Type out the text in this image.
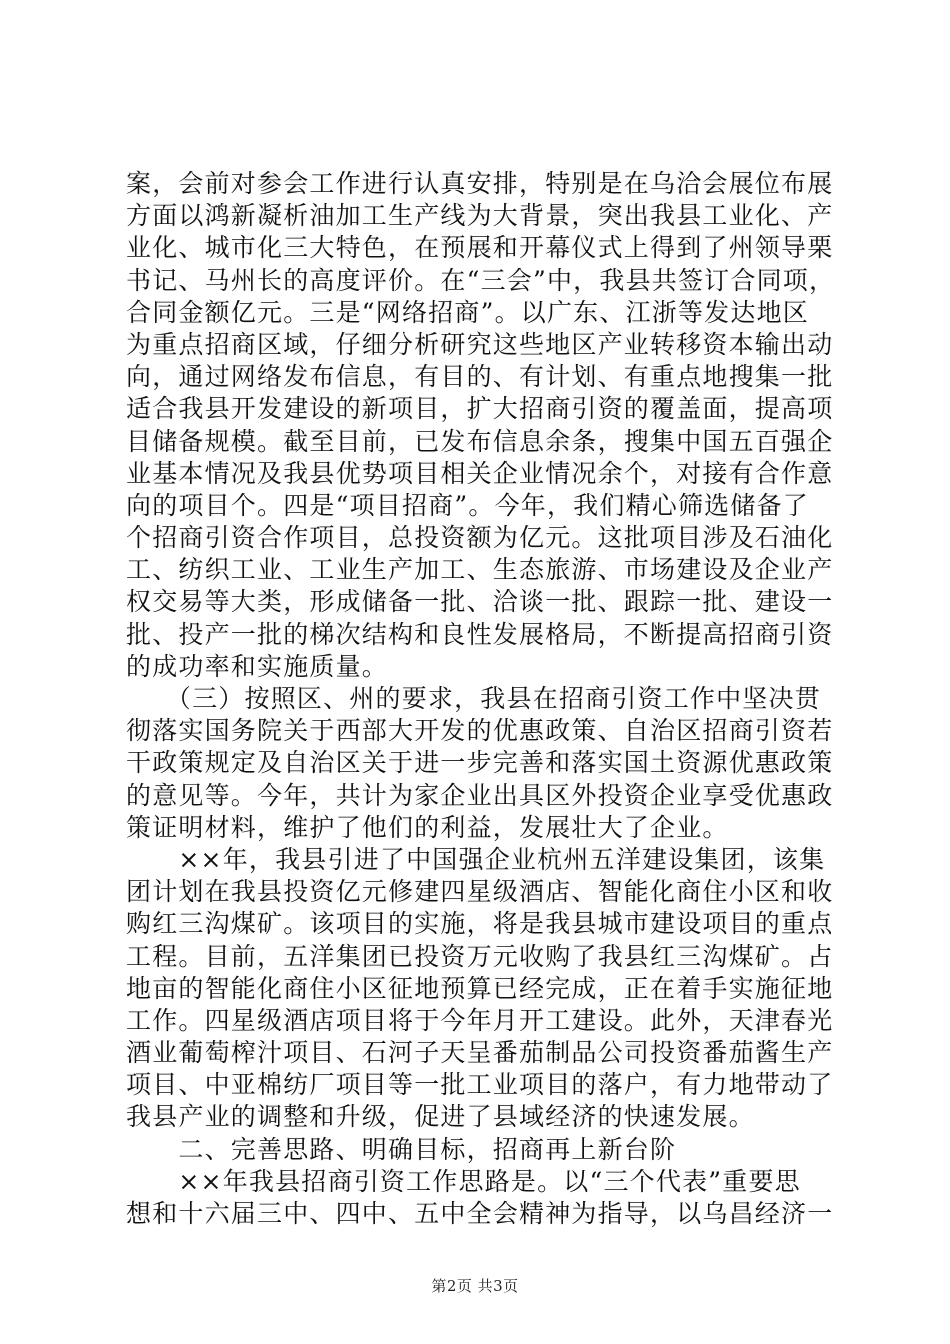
案，会前对参会工作进行认真安排，特别是在乌洽会展位布展
方面以鸿新凝析油加工生产线为大背景，突出我县工业化、产
业化、城市化三大特色，在预展和开幕仪式上得到了州领导栗
书记、马州长的高度评价。在“三会”中，我县共签订合同项，
合同金额亿元。三是“网络招商”。以广东、江浙等发达地区
为重点招商区域，仔细分析研究这些地区产业转移资本输出动
向，通过网络发布信息，有目的、有计划、有重点地搜集一批
适合我县开发建设的新项目，扩大招商引资的覆盖面，提高项
目储备规模。截至目前，已发布信息余条，搜集中国五百强企
业基本情况及我县优势项目相关企业情况余个，对接有合作意
向的项目个。四是“项目招商”。今年，我们精心筛选储备了
个招商引资合作项目，总投资额为亿元。这批项目涉及石油化
工、纺织工业、工业生产加工、生态旅游、市场建设及企业产
权交易等大类，形成储备一批、洽谈一批、跟踪一批、建设一
批、投产一批的梯次结构和良性发展格局，不断提高招商引资
的成功率和实施质量。
　　（三）按照区、州的要求，我县在招商引资工作中坚决贯
彻落实国务院关于西部大开发的优惠政策、自治区招商引资若
干政策规定及自治区关于进一步完善和落实国土资源优惠政策
的意见等。今年，共计为家企业出具区外投资企业享受优惠政
策证明材料，维护了他们的利益，发展壮大了企业。
　　××年，我县引进了中国强企业杭州五洋建设集团，该集
团计划在我县投资亿元修建四星级酒店、智能化商住小区和收
购红三沟煤矿。该项目的实施，将是我县城市建设项目的重点
工程。目前，五洋集团已投资万元收购了我县红三沟煤矿。占
地亩的智能化商住小区征地预算已经完成，正在着手实施征地
工作。四星级酒店项目将于今年月开工建设。此外，天津春光
酒业葡萄榨汁项目、石河子天呈番茄制品公司投资番茄酱生产
项目、中亚棉纺厂项目等一批工业项目的落户，有力地带动了
我县产业的调整和升级，促进了县域经济的快速发展。
　　二、完善思路、明确目标，招商再上新台阶
　　××年我县招商引资工作思路是。以“三个代表”重要思
想和十六届三中、四中、五中全会精神为指导，以乌昌经济一
第2页 共3页
